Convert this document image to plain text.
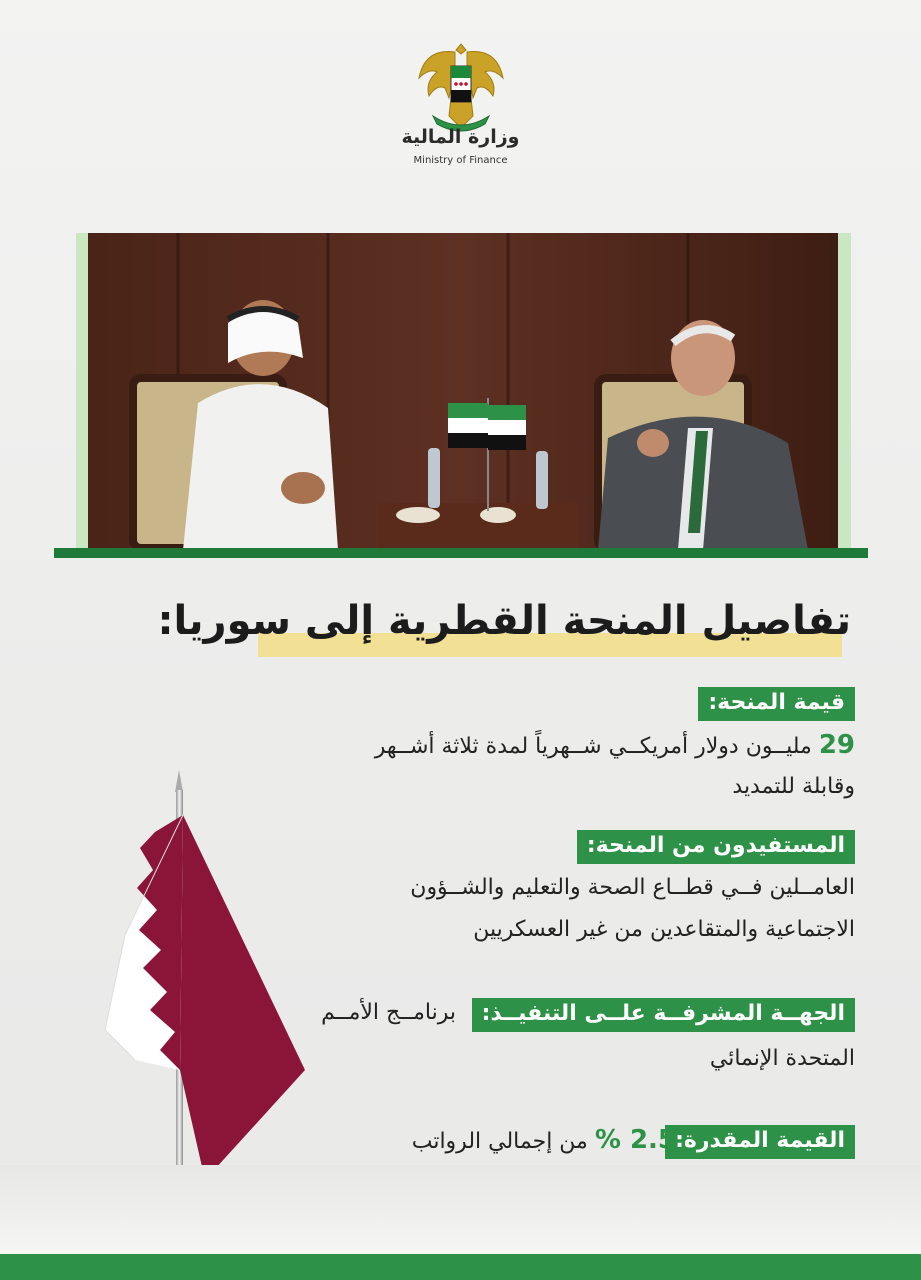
وزارة المالية
Ministry of Finance
تفاصيل المنحة القطرية إلى سوريا:
قيمة المنحة:
29 مليــون دولار أمريكــي شــهرياً لمدة ثلاثة أشــهر
وقابلة للتمديد
المستفيدون من المنحة:
العامــلين فــي قطــاع الصحة والتعليم والشــؤون
الاجتماعية والمتقاعدين من غير العسكريين
الجهــة المشرفــة علــى التنفيــذ:
برنامــج الأمــم
المتحدة الإنمائي
القيمة المقدرة:
2.5 % من إجمالي الرواتب
